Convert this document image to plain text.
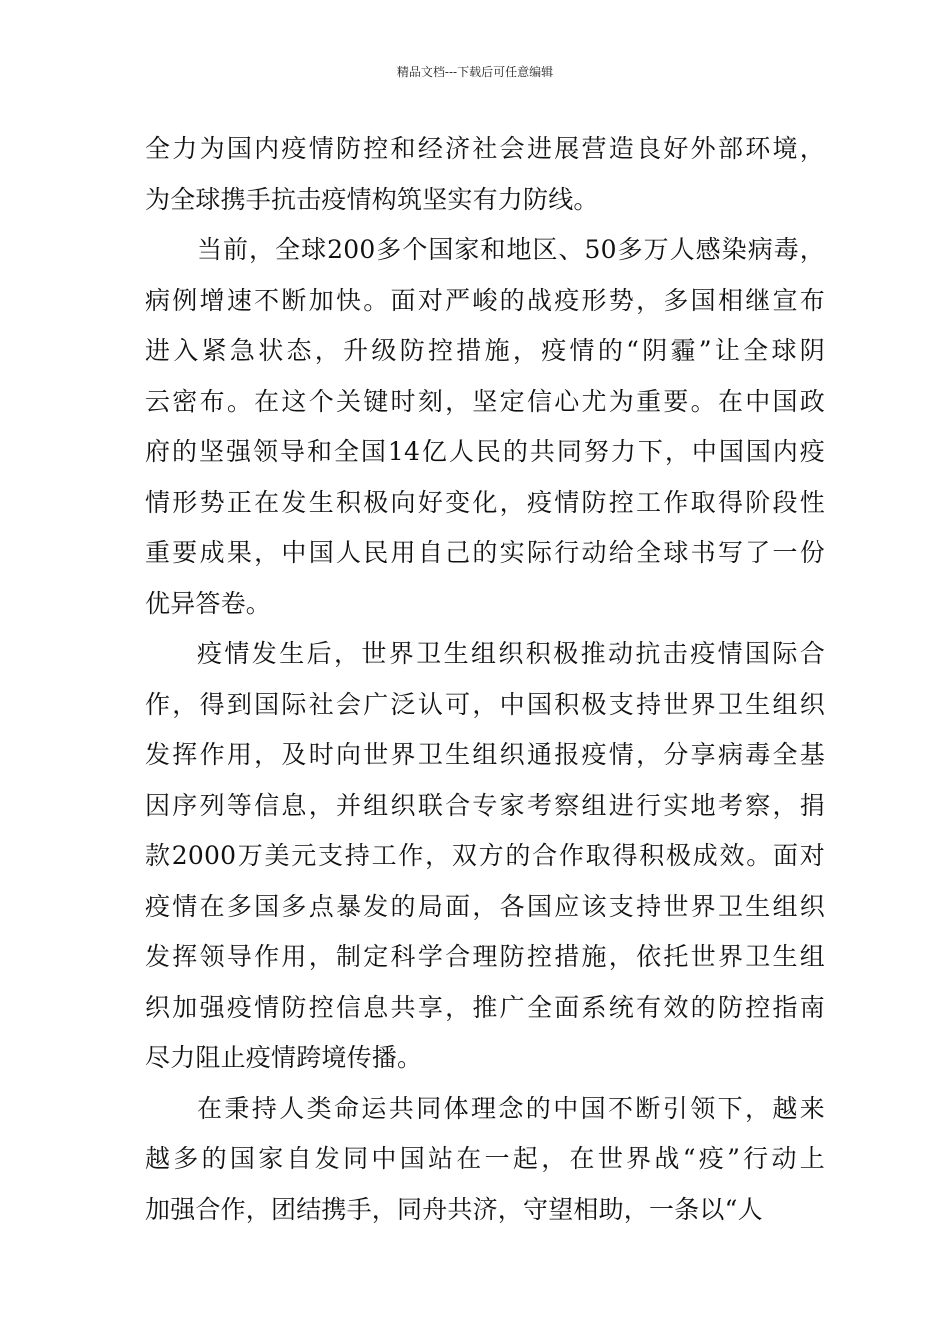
精品文档---下载后可任意编辑
全力为国内疫情防控和经济社会进展营造良好外部环境，
为全球携手抗击疫情构筑坚实有力防线。
当前，全球200多个国家和地区、50多万人感染病毒，
病例增速不断加快。面对严峻的战疫形势，多国相继宣布
进入紧急状态，升级防控措施，疫情的“阴霾”让全球阴
云密布。在这个关键时刻，坚定信心尤为重要。在中国政
府的坚强领导和全国14亿人民的共同努力下，中国国内疫
情形势正在发生积极向好变化，疫情防控工作取得阶段性
重要成果，中国人民用自己的实际行动给全球书写了一份
优异答卷。
疫情发生后，世界卫生组织积极推动抗击疫情国际合
作，得到国际社会广泛认可，中国积极支持世界卫生组织
发挥作用，及时向世界卫生组织通报疫情，分享病毒全基
因序列等信息，并组织联合专家考察组进行实地考察，捐
款2000万美元支持工作，双方的合作取得积极成效。面对
疫情在多国多点暴发的局面，各国应该支持世界卫生组织
发挥领导作用，制定科学合理防控措施，依托世界卫生组
织加强疫情防控信息共享，推广全面系统有效的防控指南
尽力阻止疫情跨境传播。
在秉持人类命运共同体理念的中国不断引领下，越来
越多的国家自发同中国站在一起，在世界战“疫”行动上
加强合作，团结携手，同舟共济，守望相助，一条以“人
